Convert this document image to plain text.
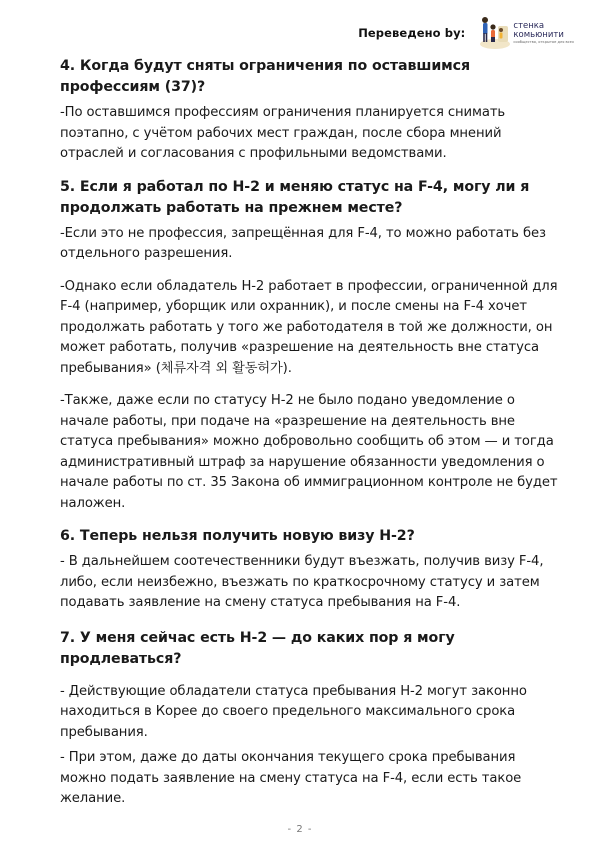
Переведено by:
стенка
комьюнити
сообщество, открытое для всех

4. Когда будут сняты ограничения по оставшимся профессиям (37)?

-По оставшимся профессиям ограничения планируется снимать поэтапно, с учётом рабочих мест граждан, после сбора мнений отраслей и согласования с профильными ведомствами.

5. Если я работал по H-2 и меняю статус на F-4, могу ли я продолжать работать на прежнем месте?

-Если это не профессия, запрещённая для F-4, то можно работать без отдельного разрешения.

-Однако если обладатель H-2 работает в профессии, ограниченной для F-4 (например, уборщик или охранник), и после смены на F-4 хочет продолжать работать у того же работодателя в той же должности, он может работать, получив «разрешение на деятельность вне статуса пребывания» (체류자격 외 활동허가).

-Также, даже если по статусу H-2 не было подано уведомление о начале работы, при подаче на «разрешение на деятельность вне статуса пребывания» можно добровольно сообщить об этом — и тогда административный штраф за нарушение обязанности уведомления о начале работы по ст. 35 Закона об иммиграционном контроле не будет наложен.

6. Теперь нельзя получить новую визу H-2?

- В дальнейшем соотечественники будут въезжать, получив визу F-4, либо, если неизбежно, въезжать по краткосрочному статусу и затем подавать заявление на смену статуса пребывания на F-4.

7. У меня сейчас есть H-2 — до каких пор я могу продлеваться?

- Действующие обладатели статуса пребывания H-2 могут законно находиться в Корее до своего предельного максимального срока пребывания.

- При этом, даже до даты окончания текущего срока пребывания можно подать заявление на смену статуса на F-4, если есть такое желание.

- 2 -
